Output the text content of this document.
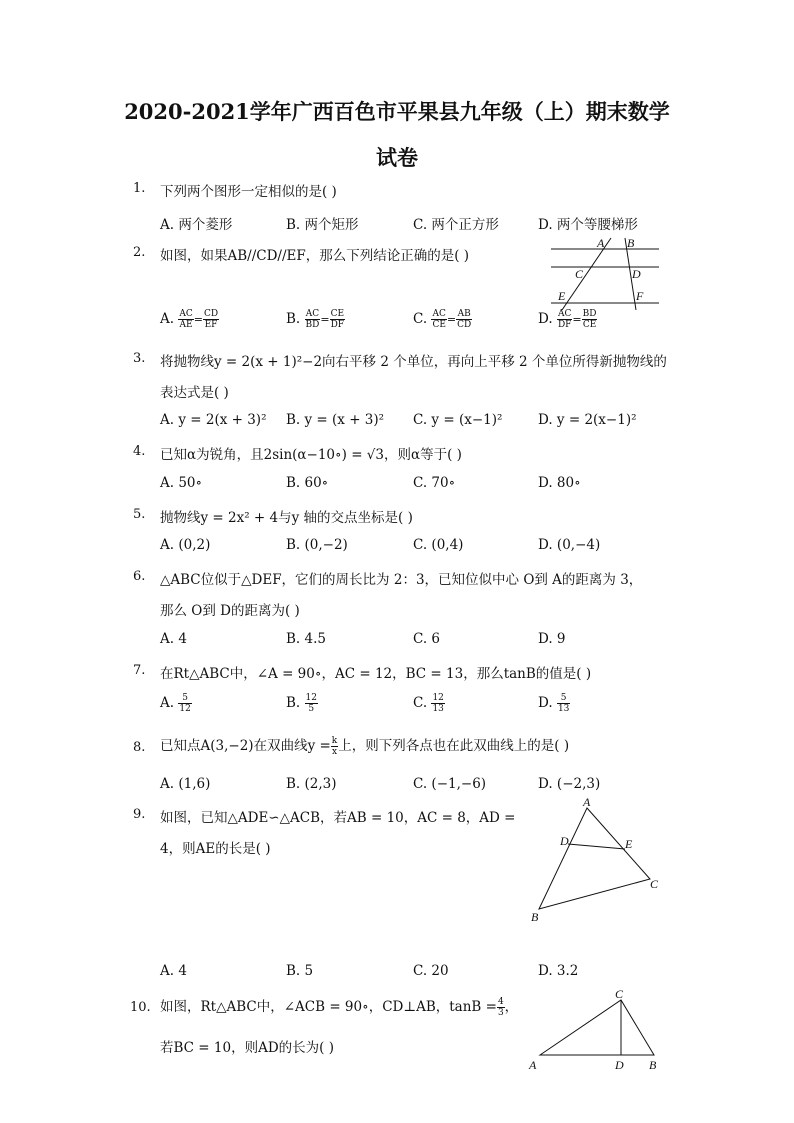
2020-2021学年广西百色市平果县九年级（上）期末数学
试卷
1. 下列两个图形一定相似的是( )
A. 两个菱形	B. 两个矩形	C. 两个正方形	D. 两个等腰梯形
2. 如图，如果AB//CD//EF，那么下列结论正确的是( )
A. $\frac{AC}{AE} = \frac{CD}{EF}$	B. $\frac{AC}{BD} = \frac{CE}{DF}$	C. $\frac{AC}{CE} = \frac{AB}{CD}$	D. $\frac{AC}{DF} = \frac{BD}{CE}$
A B
C	D
E	F
3. 将抛物线y = 2(x + 1)²−2向右平移 2 个单位，再向上平移 2 个单位所得新抛物线的
表达式是( )
A. y = 2(x + 3)² B. y = (x + 3)² C. y = (x−1)²	D. y = 2(x−1)²
4. 已知α为锐角，且2sin(α−10∘) = √3，则α等于( )
A. 50∘	B. 60∘	C. 70∘	D. 80∘
5. 抛物线y = 2x² + 4与y 轴的交点坐标是( )
A. (0,2)	B. (0,−2)	C. (0,4)	D. (0,−4)
6. △ABC位似于△DEF，它们的周长比为 2：3，已知位似中心 O到 A的距离为 3，
那么 O到 D的距离为( )
A. 4	B. 4.5	C. 6	D. 9
7. 在Rt△ABC中，∠A = 90∘，AC = 12，BC = 13，那么tanB的值是( )
A. $\frac{5}{12}$	B. $\frac{12}{5}$	C. $\frac{12}{13}$	D. $\frac{5}{13}$
8. 已知点A(3,−2)在双曲线$y = \frac{k}{x}$ 上，则下列各点也在此双曲线上的是( )
A. (1,6)	B. (2,3)	C. (−1,−6)	D. (−2,3)
9. 如图，已知△ADE∽△ACB，若AB = 10，AC = 8，AD =
4，则AE的长是( )
A. 4	B. 5	C. 20	D. 3.2
A
D	E
C
B
10. 如图，Rt△ABC中，∠ACB = 90∘，CD⊥AB，$\tan B = \frac{4}{3}$ ，
若BC = 10，则AD的长为( )
C
A	D B
